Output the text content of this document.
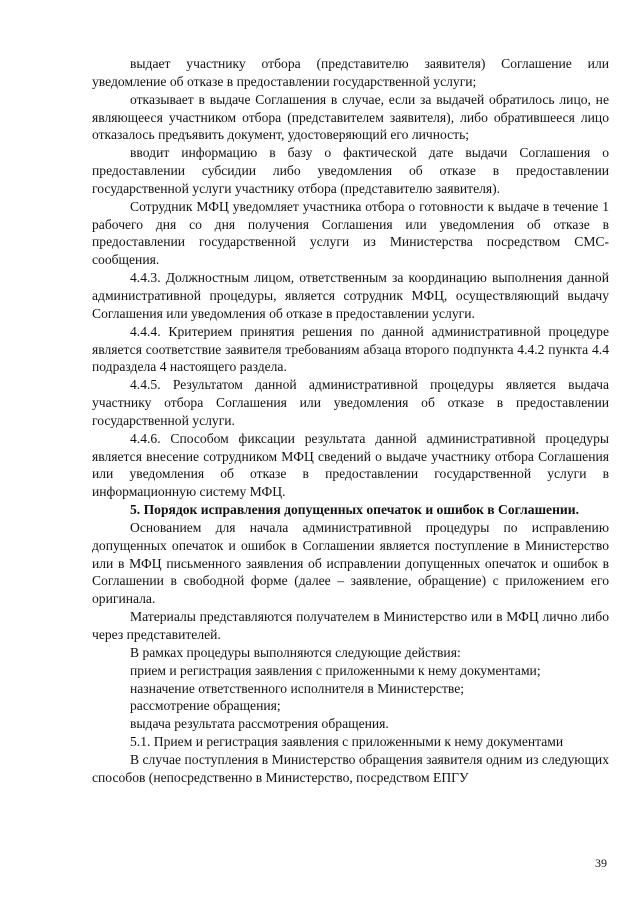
выдает участнику отбора (представителю заявителя) Соглашение или уведомление об отказе в предоставлении государственной услуги;

отказывает в выдаче Соглашения в случае, если за выдачей обратилось лицо, не являющееся участником отбора (представителем заявителя), либо обратившееся лицо отказалось предъявить документ, удостоверяющий его личность;

вводит информацию в базу о фактической дате выдачи Соглашения о предоставлении субсидии либо уведомления об отказе в предоставлении государственной услуги участнику отбора (представителю заявителя).

Сотрудник МФЦ уведомляет участника отбора о готовности к выдаче в течение 1 рабочего дня со дня получения Соглашения или уведомления об отказе в предоставлении государственной услуги из Министерства посредством СМС-сообщения.

4.4.3. Должностным лицом, ответственным за координацию выполнения данной административной процедуры, является сотрудник МФЦ, осуществляющий выдачу Соглашения или уведомления об отказе в предоставлении услуги.

4.4.4. Критерием принятия решения по данной административной процедуре является соответствие заявителя требованиям абзаца второго подпункта 4.4.2 пункта 4.4 подраздела 4 настоящего раздела.

4.4.5. Результатом данной административной процедуры является выдача участнику отбора Соглашения или уведомления об отказе в предоставлении государственной услуги.

4.4.6. Способом фиксации результата данной административной процедуры является внесение сотрудником МФЦ сведений о выдаче участнику отбора Соглашения или уведомления об отказе в предоставлении государственной услуги в информационную систему МФЦ.

5. Порядок исправления допущенных опечаток и ошибок в Соглашении.

Основанием для начала административной процедуры по исправлению допущенных опечаток и ошибок в Соглашении является поступление в Министерство или в МФЦ письменного заявления об исправлении допущенных опечаток и ошибок в Соглашении в свободной форме (далее – заявление, обращение) с приложением его оригинала.

Материалы представляются получателем в Министерство или в МФЦ лично либо через представителей.

В рамках процедуры выполняются следующие действия:

прием и регистрация заявления с приложенными к нему документами;

назначение ответственного исполнителя в Министерстве;

рассмотрение обращения;

выдача результата рассмотрения обращения.

5.1. Прием и регистрация заявления с приложенными к нему документами

В случае поступления в Министерство обращения заявителя одним из следующих способов (непосредственно в Министерство, посредством ЕПГУ

39
